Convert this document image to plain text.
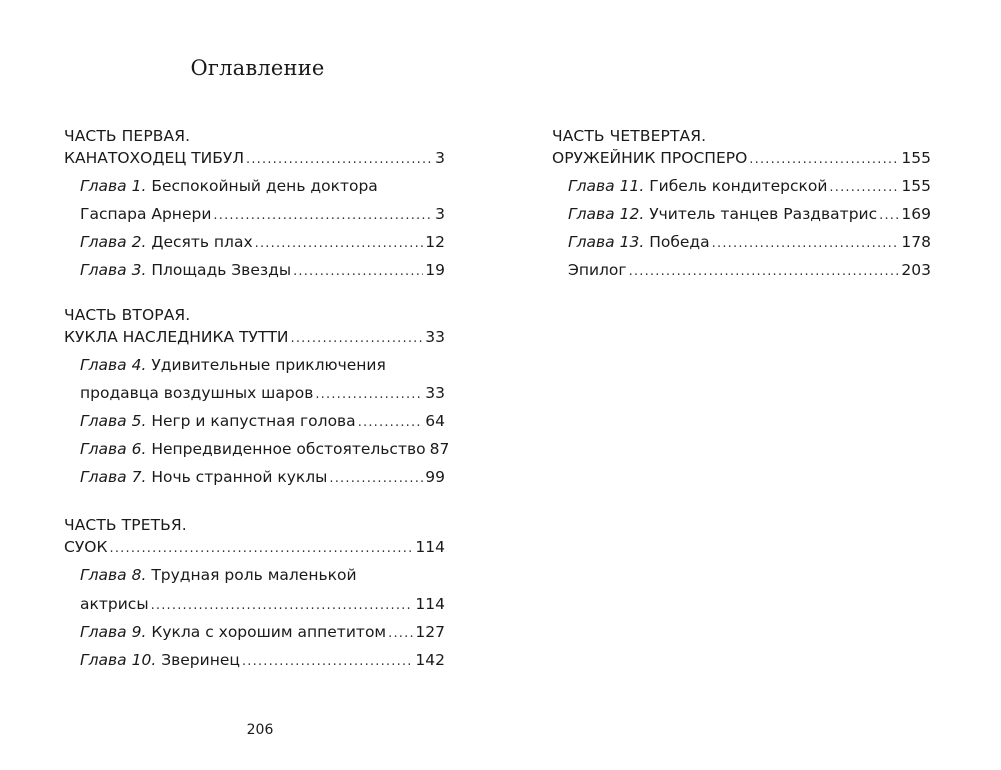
Оглавление
ЧАСТЬ ПЕРВАЯ.
КАНАТОХОДЕЦ ТИБУЛ .....	3
Глава 1. Беспокойный день доктора
Гаспара Арнери .....	3
Глава 2. Десять плах .....	12
Глава 3. Площадь Звезды .....	19
ЧАСТЬ ВТОРАЯ.
КУКЛА НАСЛЕДНИКА ТУТТИ .....	33
Глава 4. Удивительные приключения
продавца воздушных шаров .....	33
Глава 5. Негр и капустная голова .....	64
Глава 6. Непредвиденное обстоятельство 87
Глава 7. Ночь странной куклы .....	99
ЧАСТЬ ТРЕТЬЯ.
СУОК .....	114
Глава 8. Трудная роль маленькой
актрисы .....	114
Глава 9. Кукла с хорошим аппетитом ..... 127
Глава 10. Зверинец .....	142
ЧАСТЬ ЧЕТВЕРТАЯ.
ОРУЖЕЙНИК ПРОСПЕРО .....	155
Глава 11. Гибель кондитерской .....	155
Глава 12. Учитель танцев Раздватрис ..... 169
Глава 13. Победа .....	178
Эпилог .....	203
206
